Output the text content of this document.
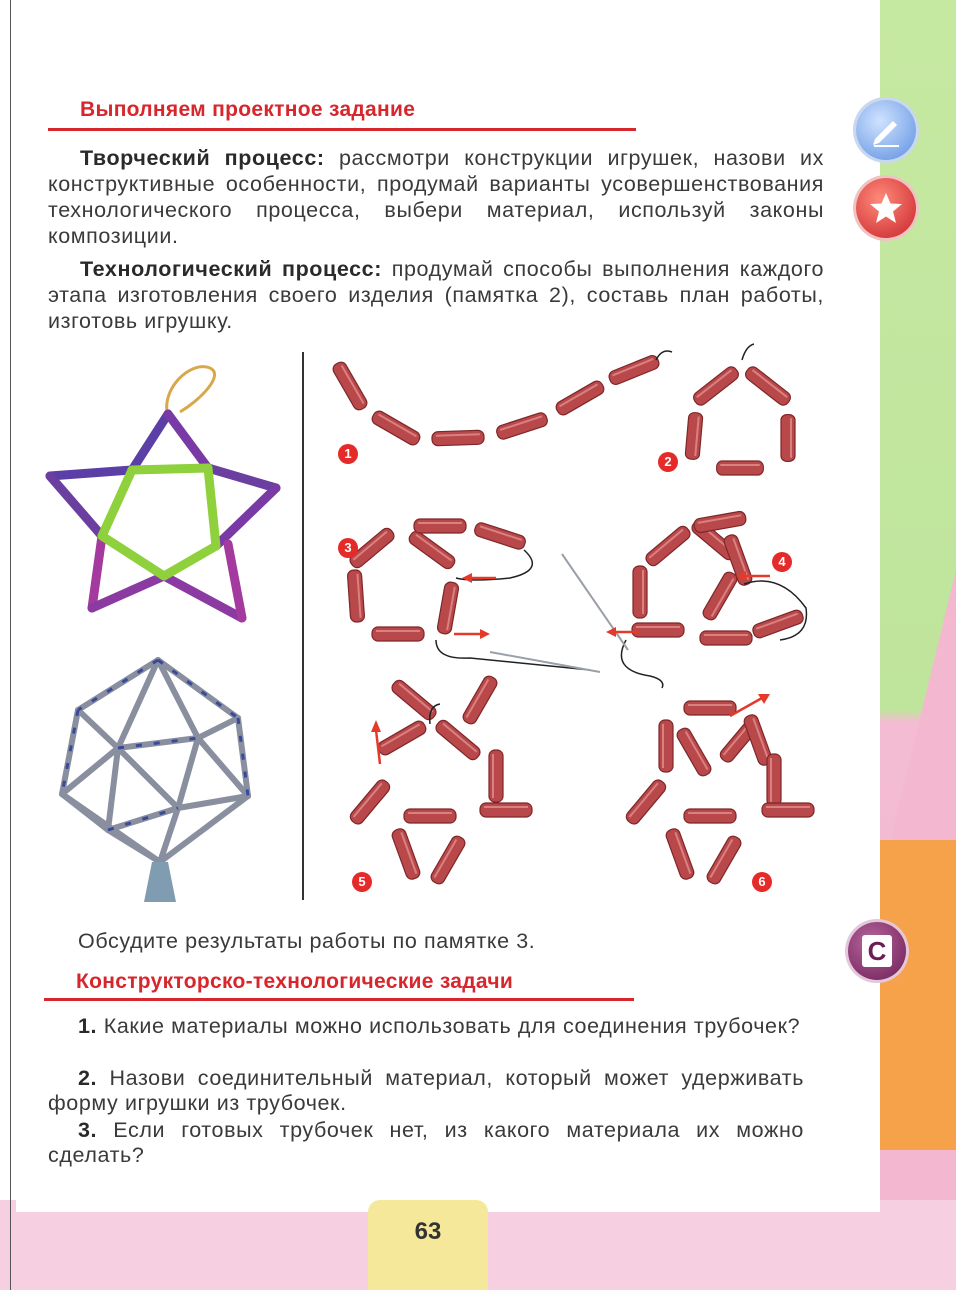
Выполняем проектное задание
Творческий процесс: рассмотри конструкции игрушек, назови их конструктивные особенности, продумай варианты усовершенствования технологического процесса, выбери материал, используй законы композиции.
Технологический процесс: продумай способы выполнения каждого этапа изготовления своего изделия (памятка 2), составь план работы, изготовь игрушку.
С
1
2
3
4
5	6
Обсудите результаты работы по памятке 3.
Конструкторско-технологические задачи
1. Какие материалы можно использовать для соединения трубочек?
2. Назови соединительный материал, который может удерживать форму игрушки из трубочек.
3. Если готовых трубочек нет, из какого материала их можно сделать?
63
